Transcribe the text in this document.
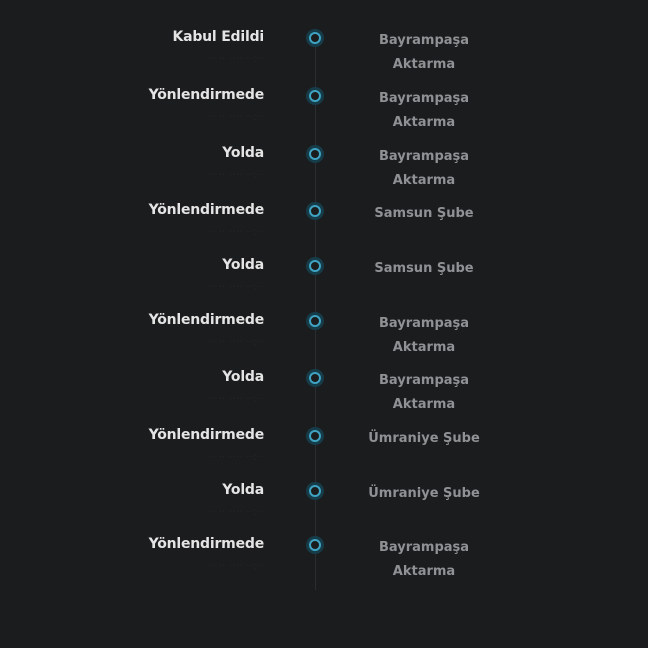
Kabul Edildi
·· ·· ···· ··:··
Bayrampaşa
Aktarma
Yönlendirmede
·· ·· ···· ··:··
Bayrampaşa
Aktarma
Yolda
·· ·· ···· ··:··
Bayrampaşa
Aktarma
Yönlendirmede
·· ·· ···· ··:··
Samsun Şube
Yolda
·· ·· ···· ··:··
Samsun Şube
Yönlendirmede
·· ·· ···· ··:··
Bayrampaşa
Aktarma
Yolda
·· ·· ···· ··:··
Bayrampaşa
Aktarma
Yönlendirmede
·· ·· ···· ··:··
Ümraniye Şube
Yolda
·· ·· ···· ··:··
Ümraniye Şube
Yönlendirmede
·· ·· ···· ··:··
Bayrampaşa
Aktarma
